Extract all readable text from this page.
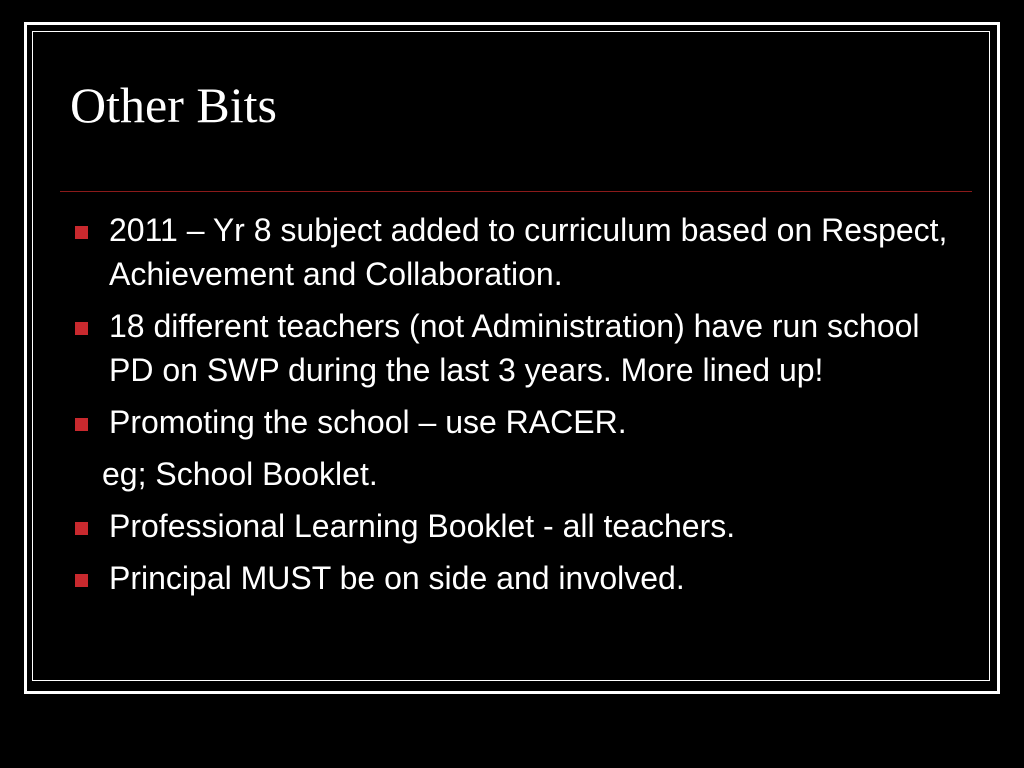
Other Bits
2011 – Yr 8 subject added to curriculum based on Respect, Achievement and Collaboration.
18 different teachers (not Administration) have run school PD on SWP during the last 3 years. More lined up!
Promoting the school – use RACER.
eg; School Booklet.
Professional Learning Booklet - all teachers.
Principal MUST be on side and involved.
